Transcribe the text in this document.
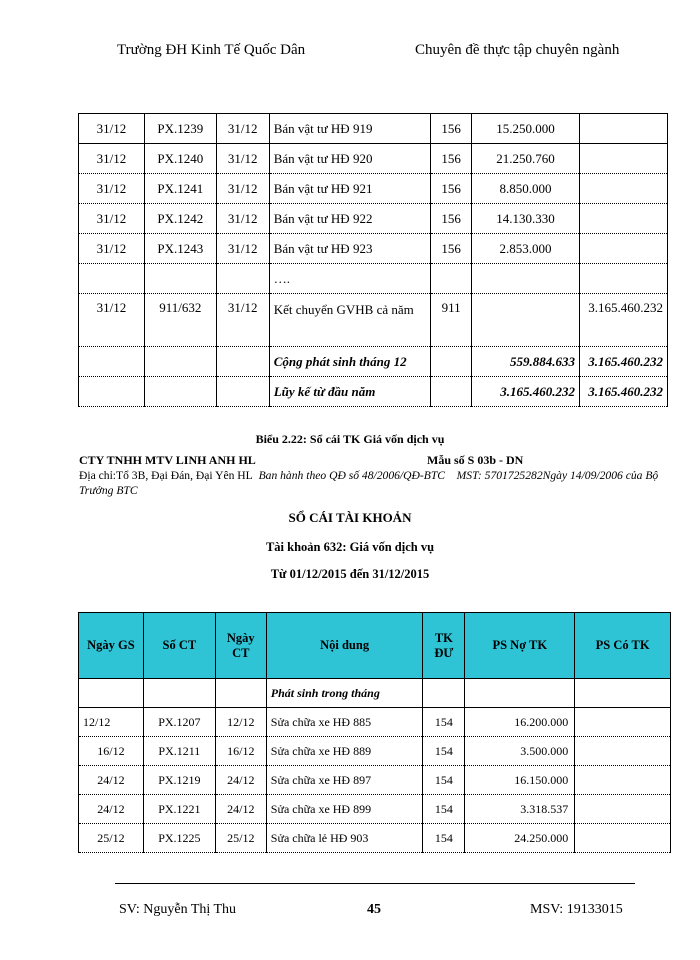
Trường ĐH Kinh Tế Quốc Dân	Chuyên đề thực tập chuyên ngành
31/12	PX.1239	31/12	Bán vật tư HĐ 919	156	15.250.000	
31/12	PX.1240	31/12	Bán vật tư HĐ 920	156	21.250.760	
31/12	PX.1241	31/12	Bán vật tư HĐ 921	156	8.850.000	
31/12	PX.1242	31/12	Bán vật tư HĐ 922	156	14.130.330	
31/12	PX.1243	31/12	Bán vật tư HĐ 923	156	2.853.000	
			….			
31/12	911/632	31/12	Kết chuyển GVHB cả năm	911		3.165.460.232
			Cộng phát sinh tháng 12		559.884.633	3.165.460.232
			Lũy kế từ đầu năm		3.165.460.232	3.165.460.232
Biểu 2.22: Sổ cái TK Giá vốn dịch vụ
CTY TNHH MTV LINH ANH HL	Mẫu số S 03b - DN
Địa chỉ:Tổ 3B, Đại Đán, Đại Yên HL Ban hành theo QĐ số 48/2006/QĐ-BTC MST: 5701725282Ngày 14/09/2006 của Bộ Trưởng BTC
SỔ CÁI TÀI KHOẢN
Tài khoản 632: Giá vốn dịch vụ
Từ 01/12/2015 đến 31/12/2015
Ngày GS	Số CT	Ngày CT	Nội dung	TK ĐƯ	PS Nợ TK	PS Có TK
			Phát sinh trong tháng			
12/12	PX.1207	12/12	Sửa chữa xe HĐ 885	154	16.200.000	
16/12	PX.1211	16/12	Sửa chữa xe HĐ 889	154	3.500.000	
24/12	PX.1219	24/12	Sửa chữa xe HĐ 897	154	16.150.000	
24/12	PX.1221	24/12	Sửa chữa xe HĐ 899	154	3.318.537	
25/12	PX.1225	25/12	Sửa chữa lẻ HĐ 903	154	24.250.000	
SV: Nguyễn Thị Thu	45	MSV: 19133015
